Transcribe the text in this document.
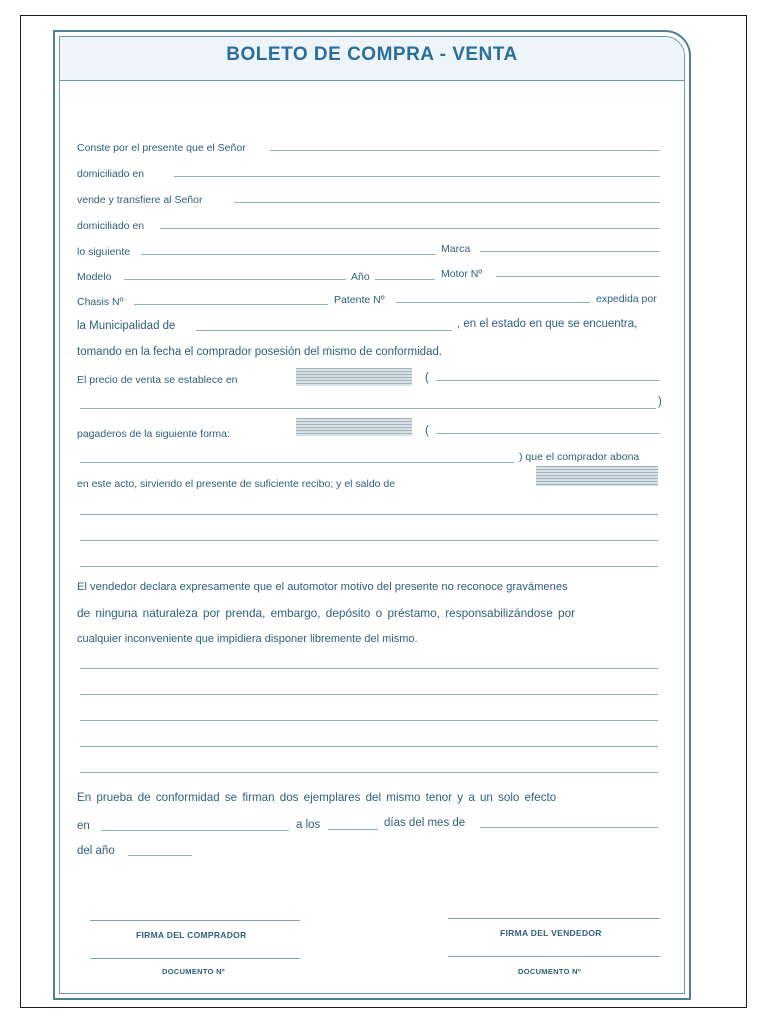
BOLETO DE COMPRA - VENTA
Conste por el presente que el Señor
domiciliado en
vende y transfiere al Señor
domiciliado en
lo siguiente	Marca
Modelo	Año	Motor Nº
Chasis Nº	Patente Nº	expedida por
la Municipalidad de	, en el estado en que se encuentra,
tomando en la fecha el comprador posesión del mismo de conformidad.
El precio de venta se establece en	(
)
pagaderos de la siguiente forma:	(
) que el comprador abona
en este acto, sirviendo el presente de suficiente recibo; y el saldo de
El vendedor declara expresamente que el automotor motivo del presente no reconoce gravámenes
de ninguna naturaleza por prenda, embargo, depósito o préstamo, responsabilizándose por
cualquier inconveniente que impidiera disponer libremente del mismo.
En prueba de conformidad se firman dos ejemplares del mismo tenor y a un solo efecto
en	a los	días del mes de
del año
FIRMA DEL COMPRADOR	FIRMA DEL VENDEDOR
DOCUMENTO Nº	DOCUMENTO Nº
